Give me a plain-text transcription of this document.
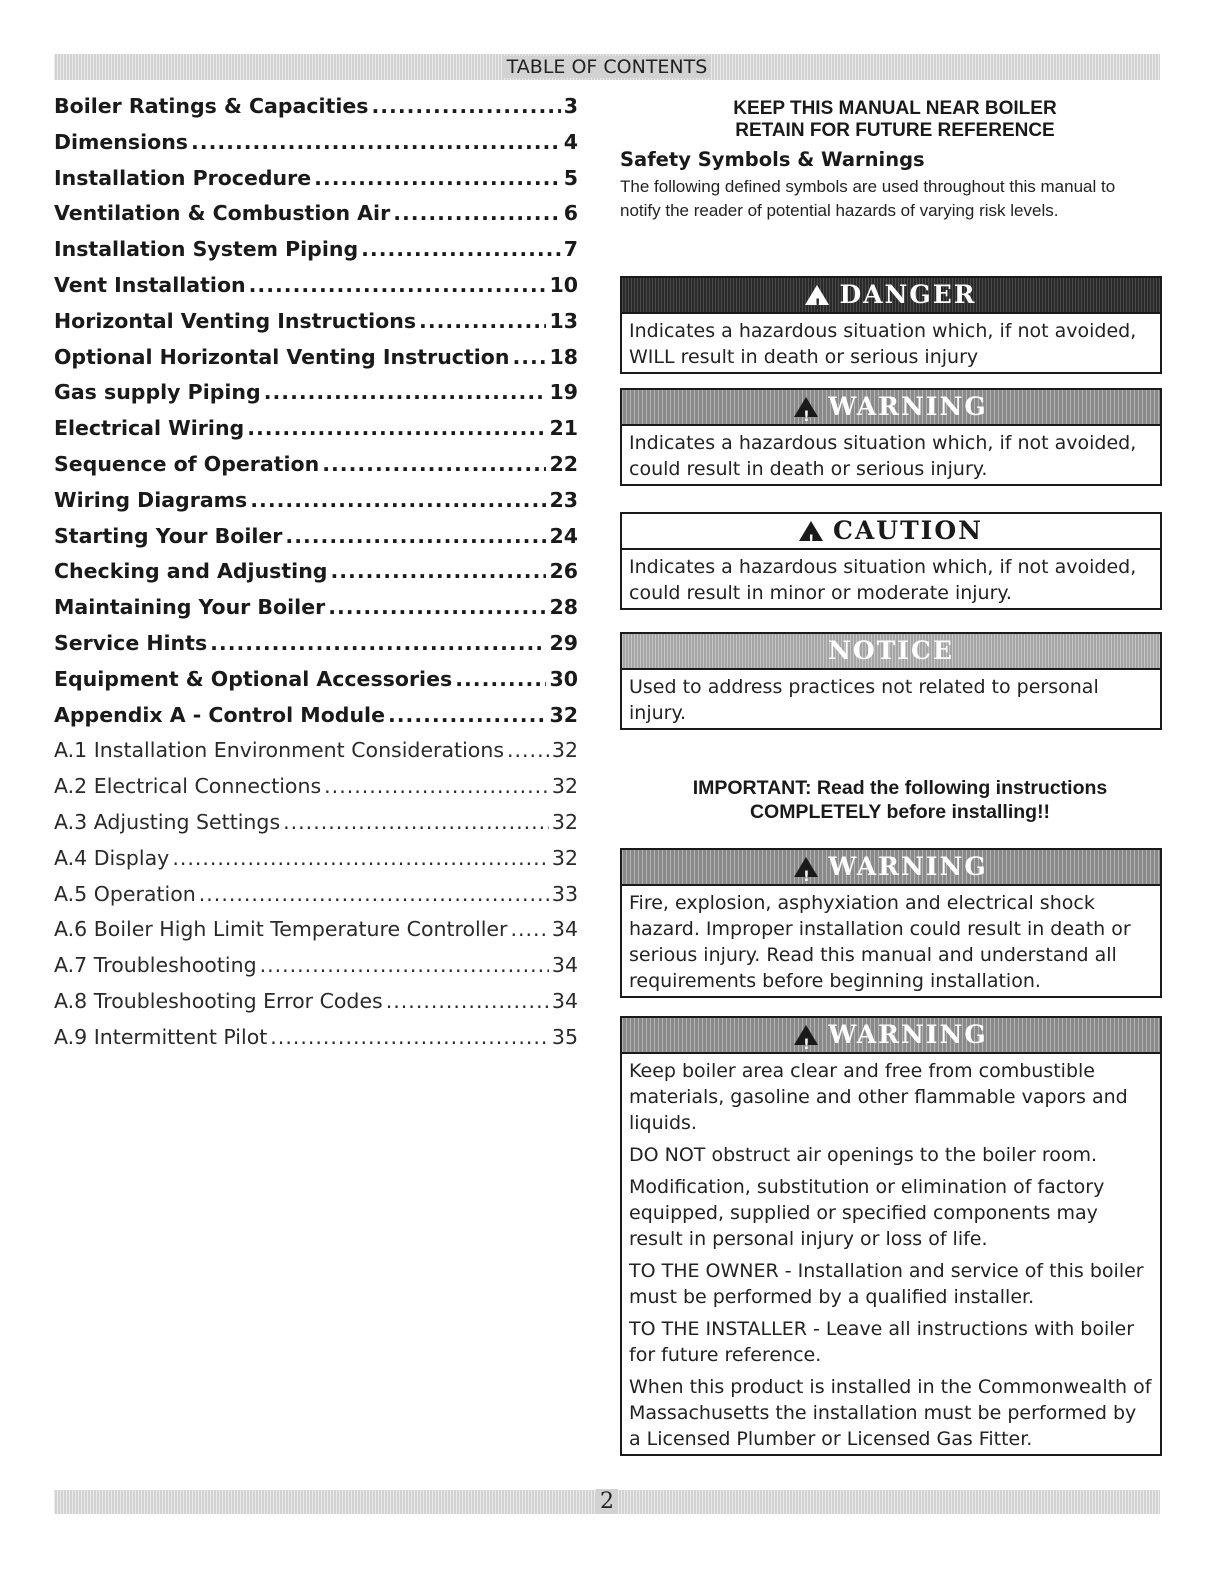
TABLE OF CONTENTS
Boiler Ratings & Capacities .....	3
Dimensions .....	4
Installation Procedure .....	5
Ventilation & Combustion Air .....	6
Installation System Piping .....	7
Vent Installation .....	10
Horizontal Venting Instructions .....	13
Optional Horizontal Venting Instruction ..... 18
Gas supply Piping .....	19
Electrical Wiring .....	21
Sequence of Operation .....	22
Wiring Diagrams .....	23
Starting Your Boiler .....	24
Checking and Adjusting .....	26
Maintaining Your Boiler .....	28
Service Hints .....	29
Equipment & Optional Accessories .....	30
Appendix A - Control Module .....	32
A.1 Installation Environment Considerations ..... 32
A.2 Electrical Connections .....	32
A.3 Adjusting Settings .....	32
A.4 Display .....	32
A.5 Operation .....	33
A.6 Boiler High Limit Temperature Controller ..... 34
A.7 Troubleshooting .....	34
A.8 Troubleshooting Error Codes .....	34
A.9 Intermittent Pilot .....	35
KEEP THIS MANUAL NEAR BOILER
RETAIN FOR FUTURE REFERENCE
Safety Symbols & Warnings
The following defined symbols are used throughout this manual to notify the reader of potential hazards of varying risk levels.
!DANGER
Indicates a hazardous situation which, if not avoided, WILL result in death or serious injury
!WARNING
Indicates a hazardous situation which, if not avoided, could result in death or serious injury.
!CAUTION
Indicates a hazardous situation which, if not avoided, could result in minor or moderate injury.
NOTICE
Used to address practices not related to personal injury.
IMPORTANT: Read the following instructions
COMPLETELY before installing!!
!WARNING
Fire, explosion, asphyxiation and electrical shock hazard. Improper installation could result in death or serious injury. Read this manual and understand all requirements before beginning installation.
!WARNING

Keep boiler area clear and free from combustible materials, gasoline and other flammable vapors and liquids.

DO NOT obstruct air openings to the boiler room.

Modification, substitution or elimination of factory equipped, supplied or specified components may result in personal injury or loss of life.

TO THE OWNER - Installation and service of this boiler must be performed by a qualified installer.

TO THE INSTALLER - Leave all instructions with boiler for future reference.

When this product is installed in the Commonwealth of Massachusetts the installation must be performed by a Licensed Plumber or Licensed Gas Fitter.

2
